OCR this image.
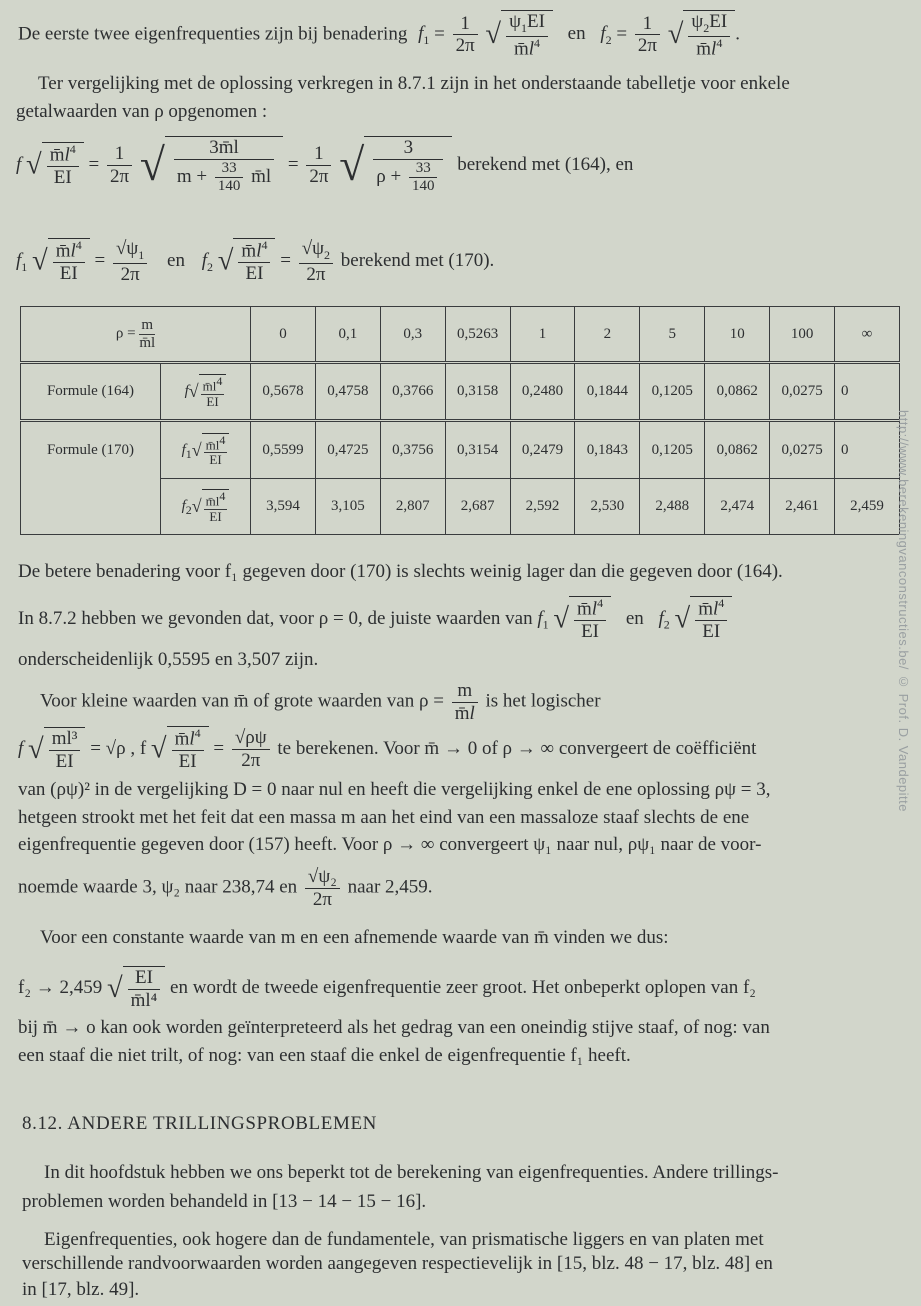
De eerste twee eigenfrequenties zijn bij benadering $f_1 = \frac{1}{2\pi}$ √ $\frac{\psi_1EI}{m̄l^4}$ en $f_2 = \frac{1}{2\pi}$ √ $\frac{\psi_2EI}{m̄l^4}$ .
Ter vergelijking met de oplossing verkregen in 8.7.1 zijn in het onderstaande tabelletje voor enkele
getalwaarden van ρ opgenomen :
f √ $\frac{m̄l^4}{EI} = \frac{1}{2\pi}$ √ $\frac{3m̄l}{m + \frac{33}{140} m̄l} = \frac{1}{2\pi}$ √ $\frac{3}{\rho + \frac{33}{140}}$ berekend met (164), en
$f_1$ √ $\frac{m̄l^4}{EI} = \frac{√\psi_1}{2\pi}$ en $f_2$ √ $\frac{m̄l^4}{EI} = \frac{√\psi_2}{2\pi}$ berekend met (170).
$\rho = \frac{m}{m̄l}$		0	0,1	0,3	0,5263	1	2	5	10	100	∞
Formule (164)	$f√ \frac{m̄l^4}{EI}$	0,5678	0,4758	0,3766	0,3158	0,2480	0,1844	0,1205	0,0862	0,0275	0
Formule (170)	$f_1√ \frac{m̄l^4}{EI}$	0,5599	0,4725	0,3756	0,3154	0,2479	0,1843	0,1205	0,0862	0,0275	0
	$f_2√ \frac{m̄l^4}{EI}$	3,594	3,105	2,807	2,687	2,592	2,530	2,488	2,474	2,461	2,459
De betere benadering voor f₁ gegeven door (170) is slechts weinig lager dan die gegeven door (164).
In 8.7.2 hebben we gevonden dat, voor ρ = 0, de juiste waarden van $f_1$ √ $\frac{m̄l^4}{EI}$ en $f_2$ √ $\frac{m̄l^4}{EI}$
onderscheidenlijk 0,5595 en 3,507 zijn.
Voor kleine waarden van m̄ of grote waarden van $\rho = \frac{m}{m̄l}$ is het logischer
f √ $\frac{\text{ml³}}{EI} = √\rho$ , f √ $\frac{m̄l^4}{EI} = \frac{√\rho\psi}{2\pi}$ te berekenen. Voor m̄ → 0 of ρ → ∞ convergeert de coëfficiënt
van (ρψ)² in de vergelijking D = 0 naar nul en heeft die vergelijking enkel de ene oplossing ρψ = 3,
hetgeen strookt met het feit dat een massa m aan het eind van een massaloze staaf slechts de ene
eigenfrequentie gegeven door (157) heeft. Voor ρ → ∞ convergeert ψ₁ naar nul, ρψ₁ naar de voor-
noemde waarde 3, ψ₂ naar 238,74 en $\frac{\text{√ψ₂}}{2\pi}$ naar 2,459.
Voor een constante waarde van m en een afnemende waarde van m̄ vinden we dus:
f₂ → 2,459 √ $\frac{EI}{\text{m̄l⁴}}$ en wordt de tweede eigenfrequentie zeer groot. Het onbeperkt oplopen van f₂
bij m̄ → o kan ook worden geïnterpreteerd als het gedrag van een oneindig stijve staaf, of nog: van
een staaf die niet trilt, of nog: van een staaf die enkel de eigenfrequentie f₁ heeft.
8.12. ANDERE TRILLINGSPROBLEMEN
In dit hoofdstuk hebben we ons beperkt tot de berekening van eigenfrequenties. Andere trillings-
problemen worden behandeld in [13 − 14 − 15 − 16].
Eigenfrequenties, ook hogere dan de fundamentele, van prismatische liggers en van platen met
verschillende randvoorwaarden worden aangegeven respectievelijk in [15, blz. 48 − 17, blz. 48] en
in [17, blz. 49].
http://www.berekeningvanconstructies.be/ © Prof. D. Vandepitte
